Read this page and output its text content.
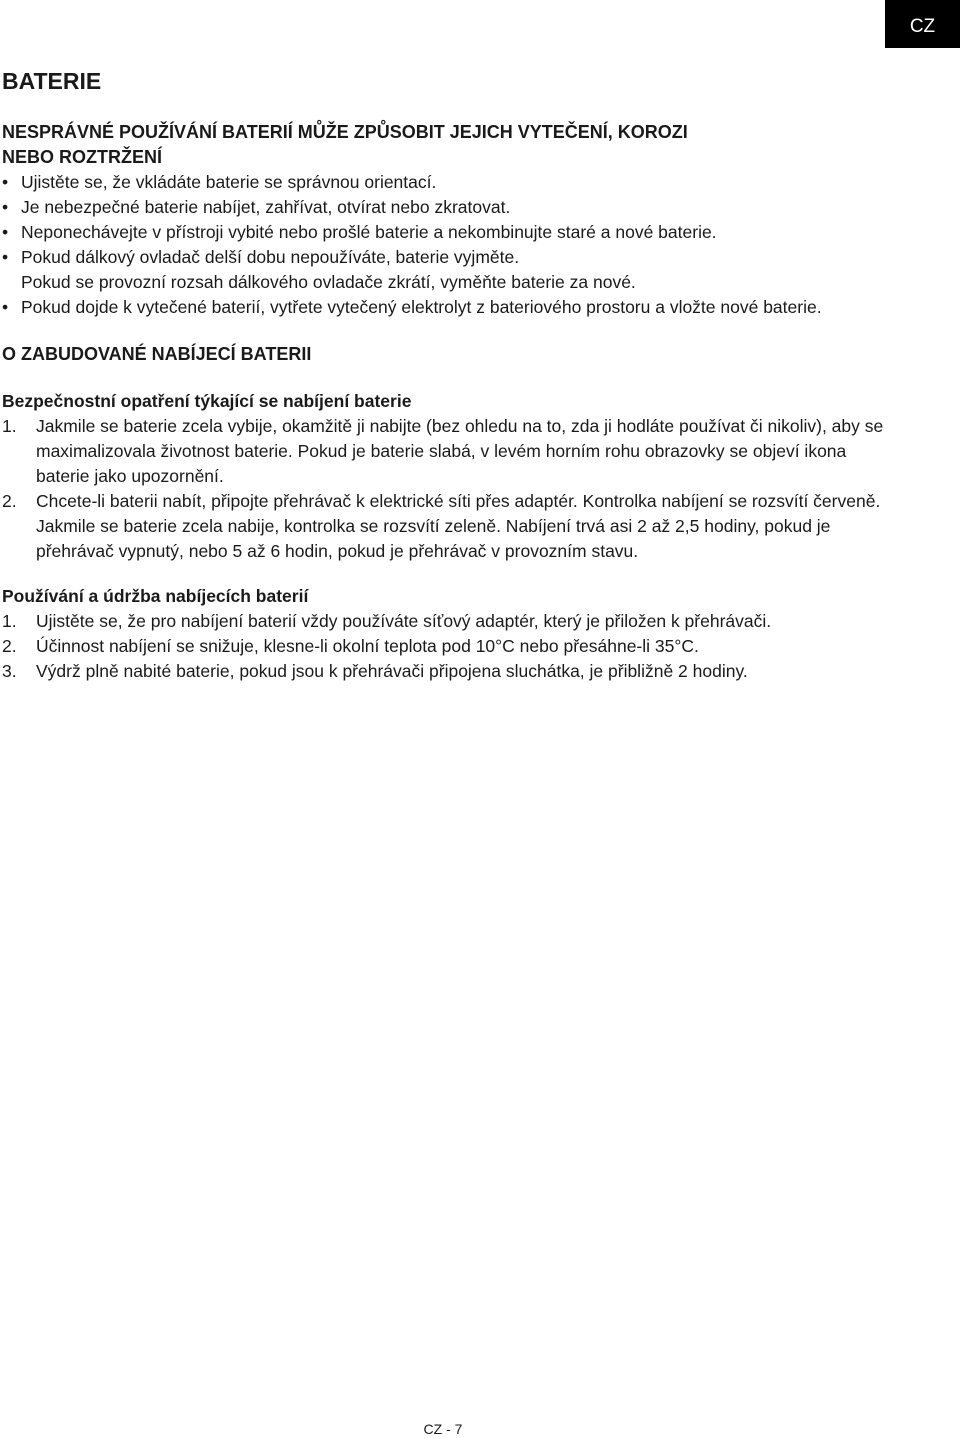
CZ
BATERIE
NESPRÁVNÉ POUŽÍVÁNÍ BATERIÍ MŮŽE ZPŮSOBIT JEJICH VYTEČENÍ, KOROZI NEBO ROZTRŽENÍ
• Ujistěte se, že vkládáte baterie se správnou orientací.
• Je nebezpečné baterie nabíjet, zahřívat, otvírat nebo zkratovat.
• Neponechávejte v přístroji vybité nebo prošlé baterie a nekombinujte staré a nové baterie.
• Pokud dálkový ovladač delší dobu nepoužíváte, baterie vyjměte.
Pokud se provozní rozsah dálkového ovladače zkrátí, vyměňte baterie za nové.
• Pokud dojde k vytečené baterií, vytřete vytečený elektrolyt z bateriového prostoru a vložte nové baterie.
O ZABUDOVANÉ NABÍJECÍ BATERII
Bezpečnostní opatření týkající se nabíjení baterie
1. Jakmile se baterie zcela vybije, okamžitě ji nabijte (bez ohledu na to, zda ji hodláte používat či nikoliv), aby se maximalizovala životnost baterie. Pokud je baterie slabá, v levém horním rohu obrazovky se objeví ikona baterie jako upozornění.
2. Chcete-li baterii nabít, připojte přehrávač k elektrické síti přes adaptér. Kontrolka nabíjení se rozsvítí červeně. Jakmile se baterie zcela nabije, kontrolka se rozsvítí zeleně. Nabíjení trvá asi 2 až 2,5 hodiny, pokud je přehrávač vypnutý, nebo 5 až 6 hodin, pokud je přehrávač v provozním stavu.
Používání a údržba nabíjecích baterií
1. Ujistěte se, že pro nabíjení baterií vždy používáte síťový adaptér, který je přiložen k přehrávači.
2. Účinnost nabíjení se snižuje, klesne-li okolní teplota pod 10°C nebo přesáhne-li 35°C.
3. Výdrž plně nabité baterie, pokud jsou k přehrávači připojena sluchátka, je přibližně 2 hodiny.
CZ - 7
